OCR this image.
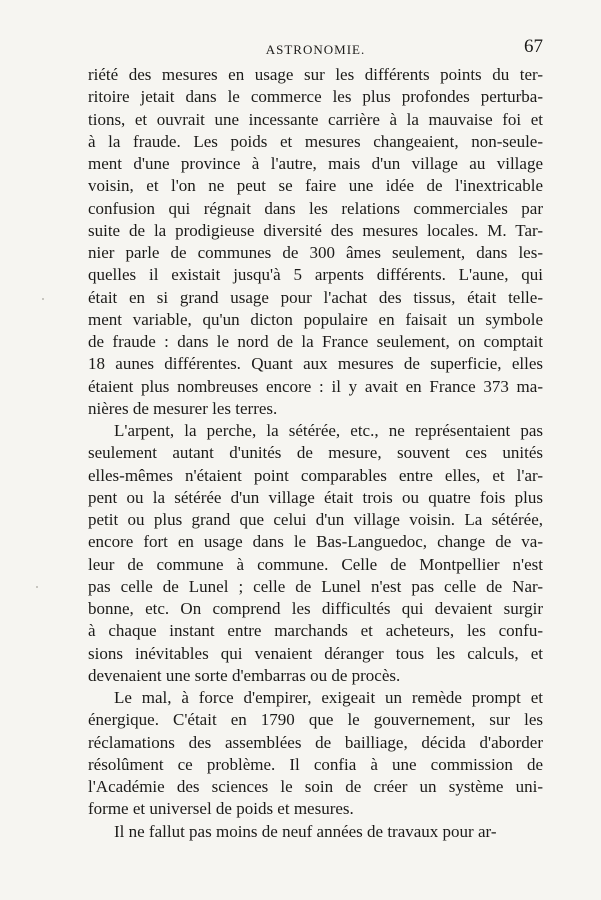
ASTRONOMIE.	67

riété des mesures en usage sur les différents points du ter-
ritoire jetait dans le commerce les plus profondes perturba-
tions, et ouvrait une incessante carrière à la mauvaise foi et
à la fraude. Les poids et mesures changeaient, non-seule-
ment d'une province à l'autre, mais d'un village au village
voisin, et l'on ne peut se faire une idée de l'inextricable
confusion qui régnait dans les relations commerciales par
suite de la prodigieuse diversité des mesures locales. M. Tar-
nier parle de communes de 300 âmes seulement, dans les-
quelles il existait jusqu'à 5 arpents différents. L'aune, qui
était en si grand usage pour l'achat des tissus, était telle-
ment variable, qu'un dicton populaire en faisait un symbole
de fraude : dans le nord de la France seulement, on comptait
18 aunes différentes. Quant aux mesures de superficie, elles
étaient plus nombreuses encore : il y avait en France 373 ma-
nières de mesurer les terres.

L'arpent, la perche, la sétérée, etc., ne représentaient pas
seulement autant d'unités de mesure, souvent ces unités
elles-mêmes n'étaient point comparables entre elles, et l'ar-
pent ou la sétérée d'un village était trois ou quatre fois plus
petit ou plus grand que celui d'un village voisin. La sétérée,
encore fort en usage dans le Bas-Languedoc, change de va-
leur de commune à commune. Celle de Montpellier n'est
pas celle de Lunel ; celle de Lunel n'est pas celle de Nar-
bonne, etc. On comprend les difficultés qui devaient surgir
à chaque instant entre marchands et acheteurs, les confu-
sions inévitables qui venaient déranger tous les calculs, et
devenaient une sorte d'embarras ou de procès.

Le mal, à force d'empirer, exigeait un remède prompt et
énergique. C'était en 1790 que le gouvernement, sur les
réclamations des assemblées de bailliage, décida d'aborder
résolûment ce problème. Il confia à une commission de
l'Académie des sciences le soin de créer un système uni-
forme et universel de poids et mesures.

Il ne fallut pas moins de neuf années de travaux pour ar-
